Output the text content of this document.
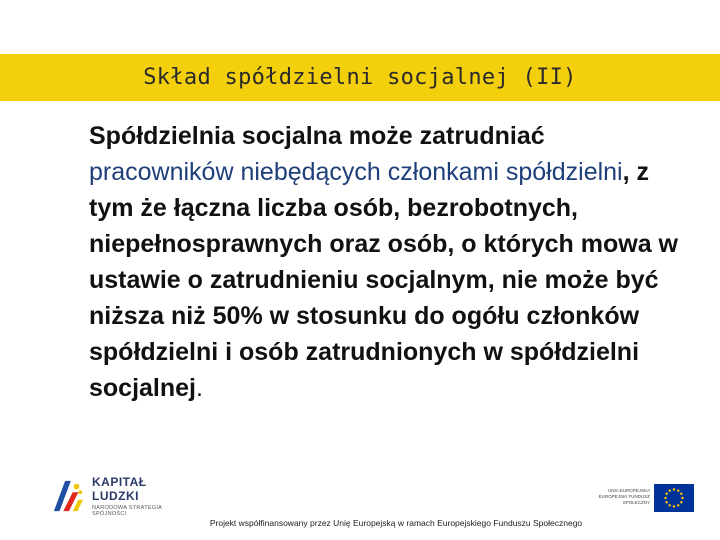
Skład spółdzielni socjalnej (II)

Spółdzielnia socjalna może zatrudniać pracowników niebędących członkami spółdzielni, z tym że łączna liczba osób, bezrobotnych, niepełnosprawnych oraz osób, o których mowa w ustawie o zatrudnieniu socjalnym, nie może być niższa niż 50% w stosunku do ogółu członków spółdzielni i osób zatrudnionych w spółdzielni socjalnej.

KAPITAŁ LUDZKI
NARODOWA STRATEGIA SPÓJNOŚCI
UNIA EUROPEJSKA EUROPEJSKI FUNDUSZ SPOŁECZNY
Projekt współfinansowany przez Unię Europejską w ramach Europejskiego Funduszu Społecznego
